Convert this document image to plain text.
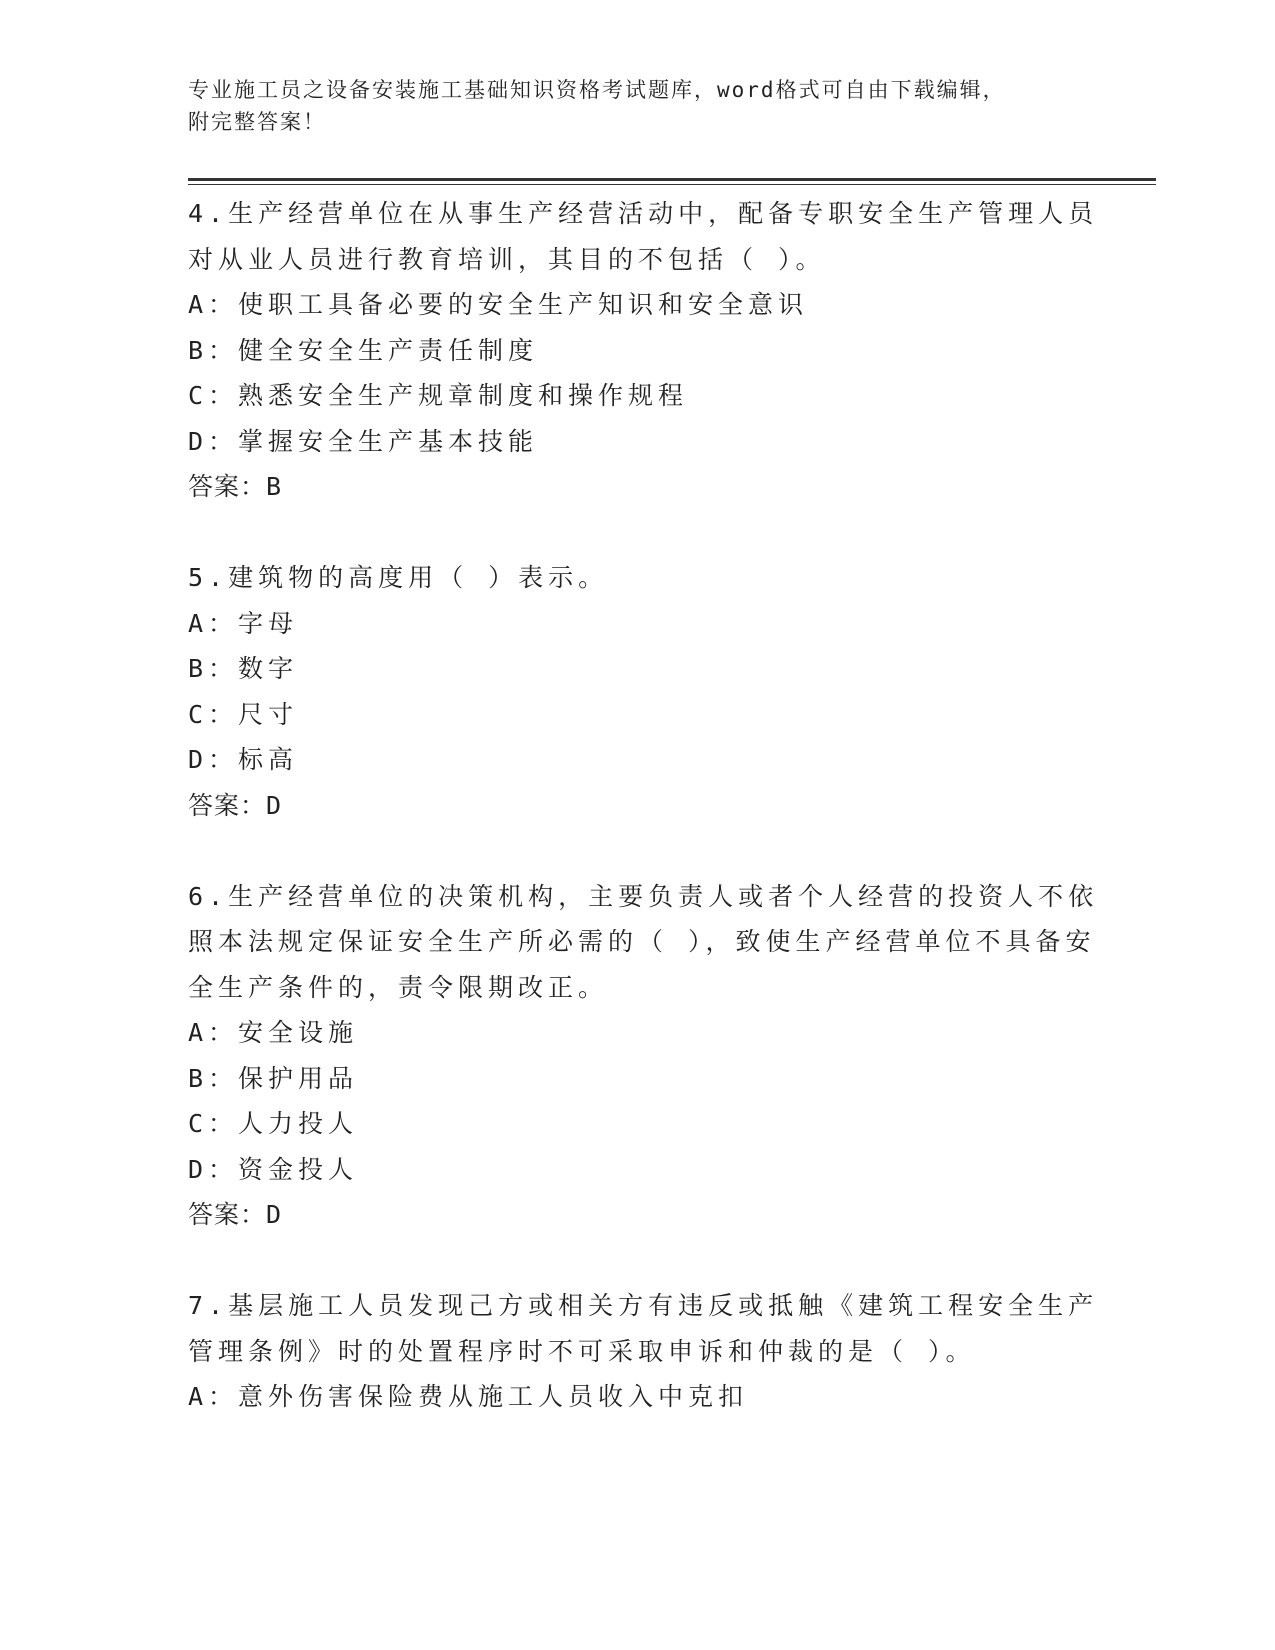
专业施工员之设备安装施工基础知识资格考试题库，word格式可自由下载编辑，
附完整答案！
4.生产经营单位在从事生产经营活动中，配备专职安全生产管理人员
对从业人员进行教育培训，其目的不包括（ ）。
A：使职工具备必要的安全生产知识和安全意识
B：健全安全生产责任制度
C：熟悉安全生产规章制度和操作规程
D：掌握安全生产基本技能
答案：B
5.建筑物的高度用（ ）表示。
A：字母
B：数字
C：尺寸
D：标高
答案：D
6.生产经营单位的决策机构，主要负责人或者个人经营的投资人不依
照本法规定保证安全生产所必需的（ ），致使生产经营单位不具备安
全生产条件的，责令限期改正。
A：安全设施
B：保护用品
C：人力投人
D：资金投人
答案：D
7.基层施工人员发现己方或相关方有违反或抵触《建筑工程安全生产
管理条例》时的处置程序时不可采取申诉和仲裁的是（ ）。
A：意外伤害保险费从施工人员收入中克扣
